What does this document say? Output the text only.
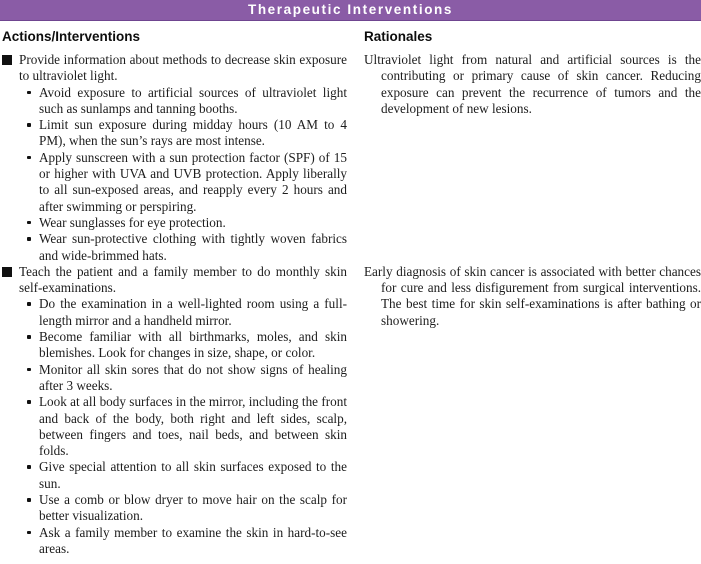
Therapeutic Interventions
Actions/Interventions	Rationales
Provide information about methods to decrease skin exposure to ultraviolet light.
Avoid exposure to artificial sources of ultraviolet light such as sunlamps and tanning booths.
Limit sun exposure during midday hours (10 AM to 4 PM), when the sun’s rays are most intense.
Apply sunscreen with a sun protection factor (SPF) of 15 or higher with UVA and UVB protection. Apply liberally to all sun-exposed areas, and reapply every 2 hours and after swimming or perspiring.
Wear sunglasses for eye protection.
Wear sun-protective clothing with tightly woven fabrics and wide-brimmed hats.
Ultraviolet light from natural and artificial sources is the contributing or primary cause of skin cancer. Reducing exposure can prevent the recurrence of tumors and the development of new lesions.
Teach the patient and a family member to do monthly skin self-examinations.
Do the examination in a well-lighted room using a full-length mirror and a handheld mirror.
Become familiar with all birthmarks, moles, and skin blemishes. Look for changes in size, shape, or color.
Monitor all skin sores that do not show signs of healing after 3 weeks.
Look at all body surfaces in the mirror, including the front and back of the body, both right and left sides, scalp, between fingers and toes, nail beds, and between skin folds.
Give special attention to all skin surfaces exposed to the sun.
Use a comb or blow dryer to move hair on the scalp for better visualization.
Ask a family member to examine the skin in hard-to-see areas.
Early diagnosis of skin cancer is associated with better chances for cure and less disfigurement from surgical interventions. The best time for skin self-examinations is after bathing or showering.
